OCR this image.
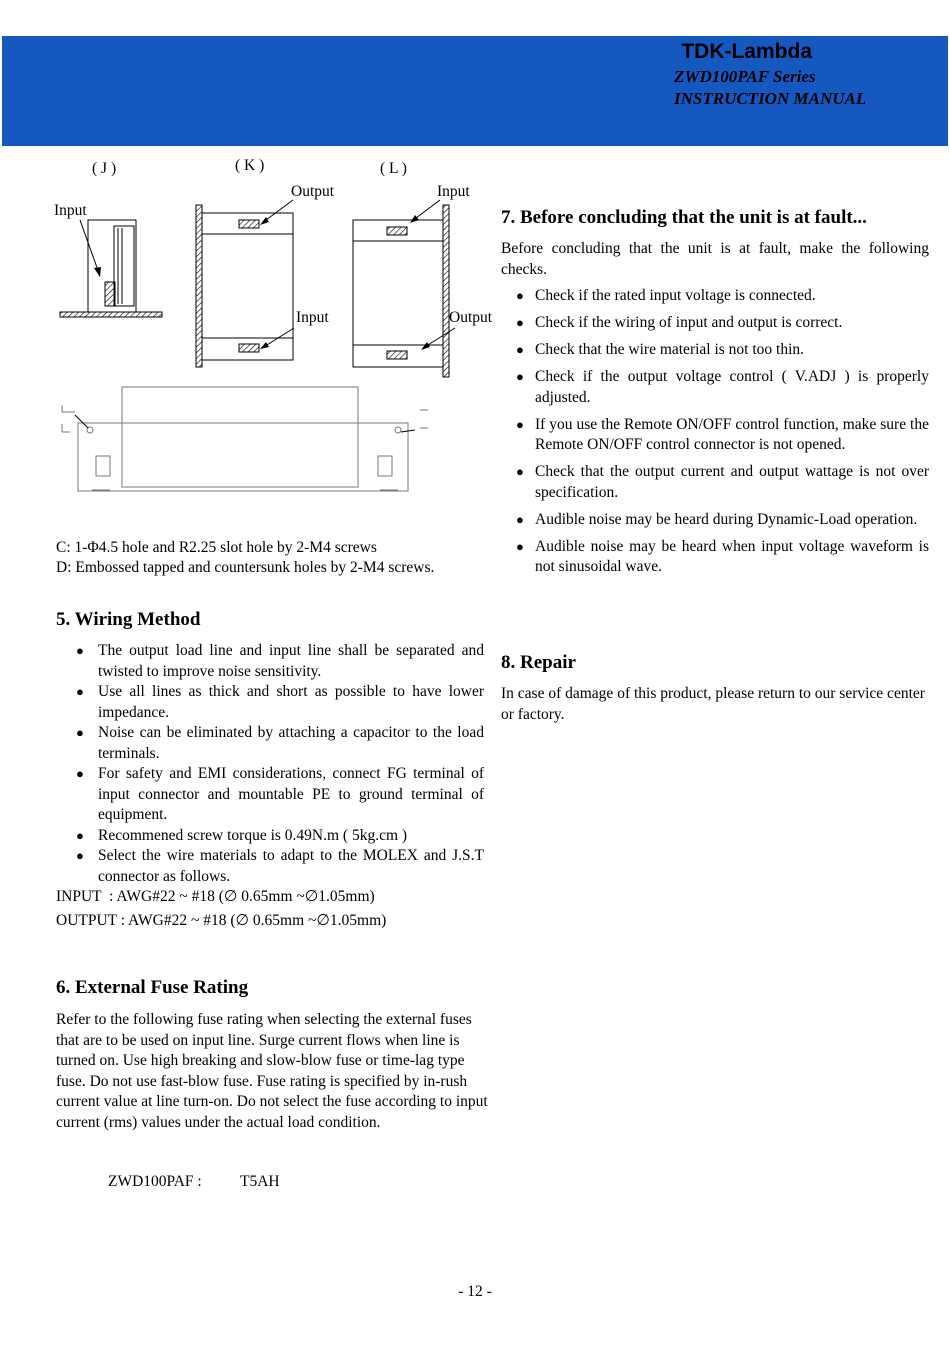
TDK-Lambda
ZWD100PAF Series
INSTRUCTION MANUAL
( J )	( K )	( L )
Input
Output
Input
Input
Output
C: 1-Φ4.5 hole and R2.25 slot hole by 2-M4 screws
D: Embossed tapped and countersunk holes by 2-M4 screws.
5. Wiring Method
● The output load line and input line shall be separated and twisted to improve noise sensitivity.
● Use all lines as thick and short as possible to have lower impedance.
● Noise can be eliminated by attaching a capacitor to the load terminals.
● For safety and EMI considerations, connect FG terminal of input connector and mountable PE to ground terminal of equipment.
● Recommened screw torque is 0.49N.m ( 5kg.cm )
● Select the wire materials to adapt to the MOLEX and J.S.T connector as follows.
INPUT  : AWG#22 ~ #18 (∅ 0.65mm ~∅1.05mm)
OUTPUT : AWG#22 ~ #18 (∅ 0.65mm ~∅1.05mm)
6. External Fuse Rating
Refer to the following fuse rating when selecting the external fuses that are to be used on input line. Surge current flows when line is turned on. Use high breaking and slow-blow fuse or time-lag type fuse. Do not use fast-blow fuse. Fuse rating is specified by in-rush current value at line turn-on. Do not select the fuse according to input current (rms) values under the actual load condition.
ZWD100PAF : T5AH
7. Before concluding that the unit is at fault...
Before concluding that the unit is at fault, make the following checks.
● Check if the rated input voltage is connected.
● Check if the wiring of input and output is correct.
● Check that the wire material is not too thin.
● Check if the output voltage control ( V.ADJ ) is properly adjusted.
● If you use the Remote ON/OFF control function, make sure the Remote ON/OFF control connector is not opened.
● Check that the output current and output wattage is not over specification.
● Audible noise may be heard during Dynamic-Load operation.
● Audible noise may be heard when input voltage waveform is not sinusoidal wave.
8. Repair
In case of damage of this product, please return to our service center or factory.
- 12 -
